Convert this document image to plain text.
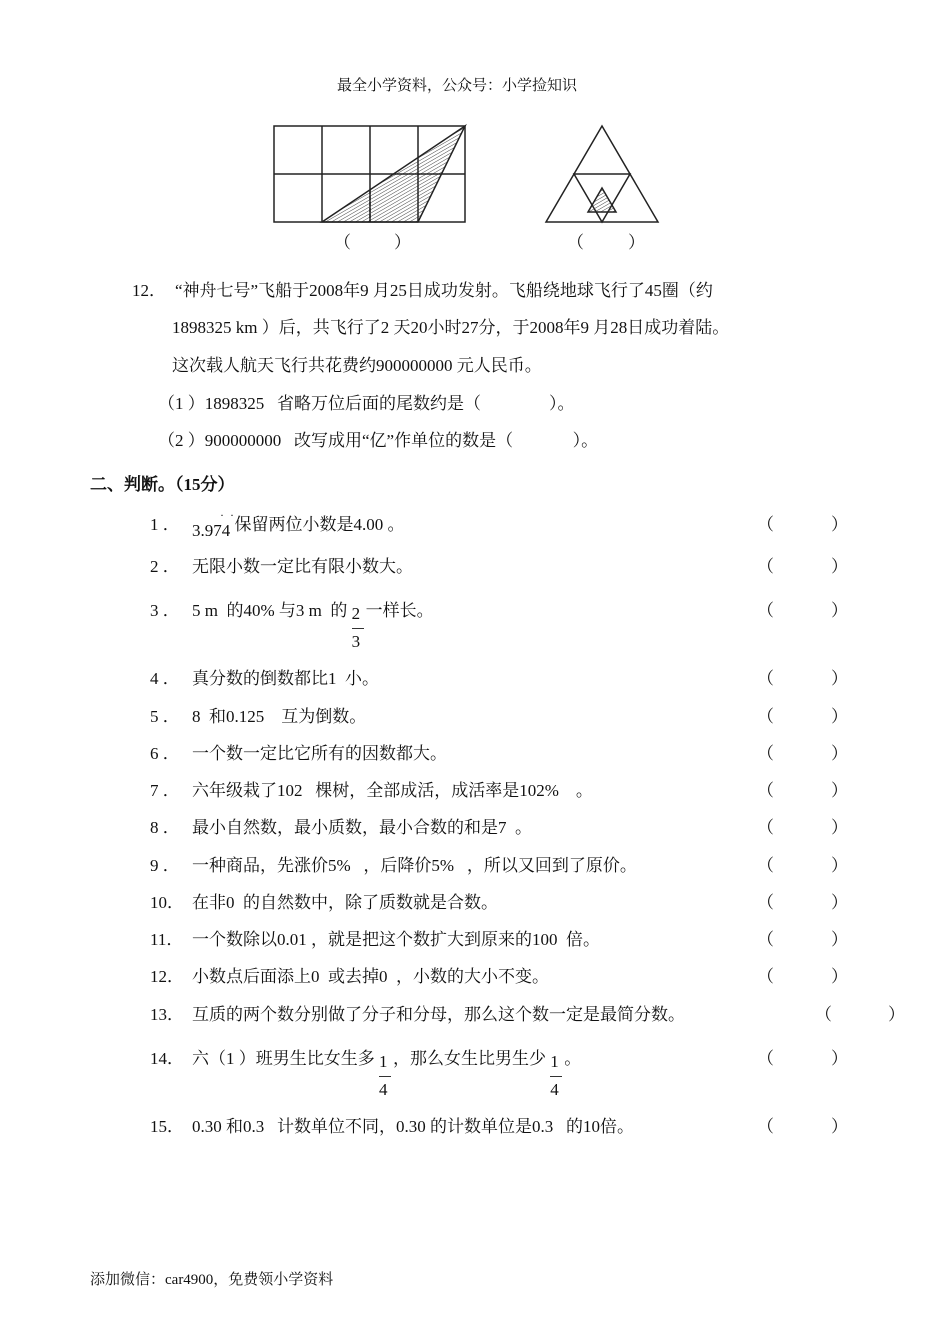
最全小学资料，公众号：小学捡知识
（	）	（	）
12． “神舟七号”飞船于2008年9 月25日成功发射。飞船绕地球飞行了45圈（约
1898325 km ）后，共飞行了2 天20小时27分，于2008年9 月28日成功着陆。
这次载人航天飞行共花费约900000000 元人民币。
（1 ）1898325   省略万位后面的尾数约是（                ）。
（2 ）900000000   改写成用“亿”作单位的数是（              ）。
二、判断。（15分）
1 ． 3.974
··
保留两位小数是4.00 。	（	）
2 ． 无限小数一定比有限小数大。	（	）
3 ． 5 m  的40% 与3 m  的
$\frac{2}{3}$
一样长。	（	）
4 ． 真分数的倒数都比1  小。	（	）
5 ． 8  和0.125    互为倒数。	（	）
6 ． 一个数一定比它所有的因数都大。	（	）
7 ． 六年级栽了102   棵树，全部成活，成活率是102%    。	（	）
8 ． 最小自然数，最小质数，最小合数的和是7  。	（	）
9 ． 一种商品，先涨价5%   ，后降价5%   ，所以又回到了原价。	（	）
10． 在非0  的自然数中，除了质数就是合数。	（	）
11． 一个数除以0.01 ，就是把这个数扩大到原来的100  倍。	（	）
12． 小数点后面添上0  或去掉0  ，小数的大小不变。	（	）
13． 互质的两个数分别做了分子和分母，那么这个数一定是最简分数。	（	）
14． 六（1 ）班男生比女生多
$\frac{1}{4}$
，那么女生比男生少
$\frac{1}{4}$
。	（	）
15． 0.30 和0.3   计数单位不同，0.30 的计数单位是0.3   的10倍。	（	）
添加微信：car4900，免费领小学资料
